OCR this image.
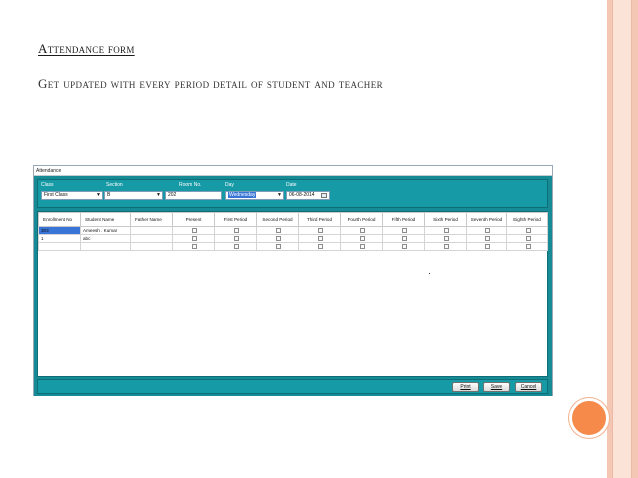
Attendance form
Get updated with every period detail of student and teacher
Attendance
Class
First Class	▼
Section
B	▼
Room No.
202
Day
Wednesday	▼
Date
06-08-2014
Enrollment No	Student Name	Father Name	Present	First Period	Second Period	Third Period	Fourth Period	Fifth Period	Sixth Period	Seventh Period	Eighth Period
303	Ameesh . Kumar										
1	abc										

Print	Save	Cancel
